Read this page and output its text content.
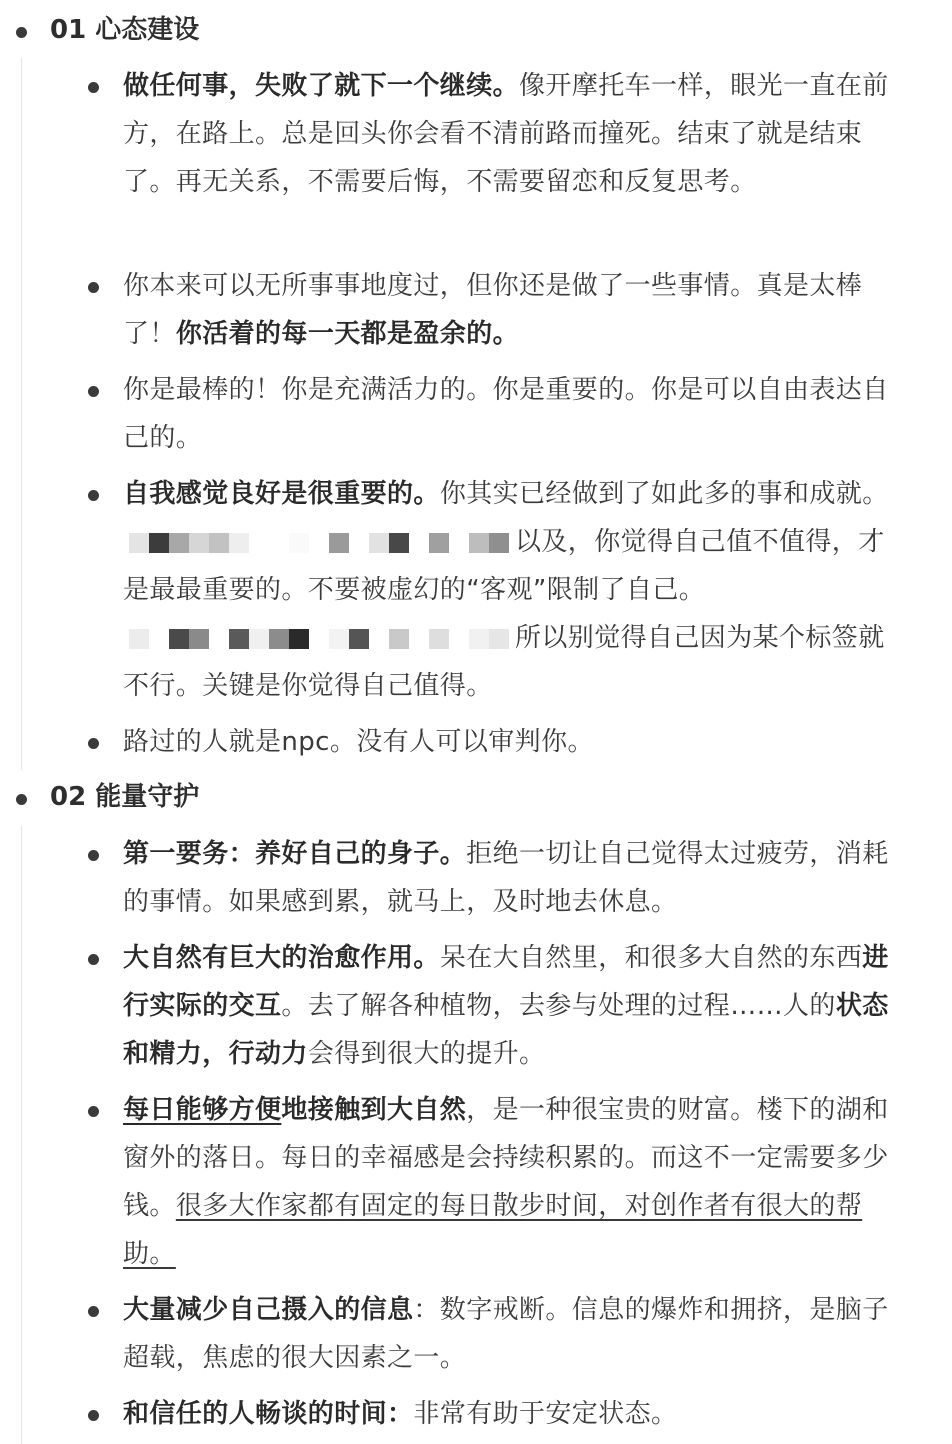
01 心态建设
做任何事，失败了就下一个继续。像开摩托车一样，眼光一直在前方，在路上。总是回头你会看不清前路而撞死。结束了就是结束了。再无关系，不需要后悔，不需要留恋和反复思考。
你本来可以无所事事地度过，但你还是做了一些事情。真是太棒了！你活着的每一天都是盈余的。
你是最棒的！你是充满活力的。你是重要的。你是可以自由表达自己的。
自我感觉良好是很重要的。你其实已经做到了如此多的事和成就。以及，你觉得自己值不值得，才是最最重要的。不要被虚幻的“客观”限制了自己。所以别觉得自己因为某个标签就不行。关键是你觉得自己值得。
路过的人就是npc。没有人可以审判你。
02 能量守护
第一要务：养好自己的身子。拒绝一切让自己觉得太过疲劳，消耗的事情。如果感到累，就马上，及时地去休息。
大自然有巨大的治愈作用。呆在大自然里，和很多大自然的东西进行实际的交互。去了解各种植物，去参与处理的过程……人的状态和精力，行动力会得到很大的提升。
每日能够方便地接触到大自然，是一种很宝贵的财富。楼下的湖和窗外的落日。每日的幸福感是会持续积累的。而这不一定需要多少钱。很多大作家都有固定的每日散步时间，对创作者有很大的帮助。
大量减少自己摄入的信息：数字戒断。信息的爆炸和拥挤，是脑子超载，焦虑的很大因素之一。
和信任的人畅谈的时间：非常有助于安定状态。
